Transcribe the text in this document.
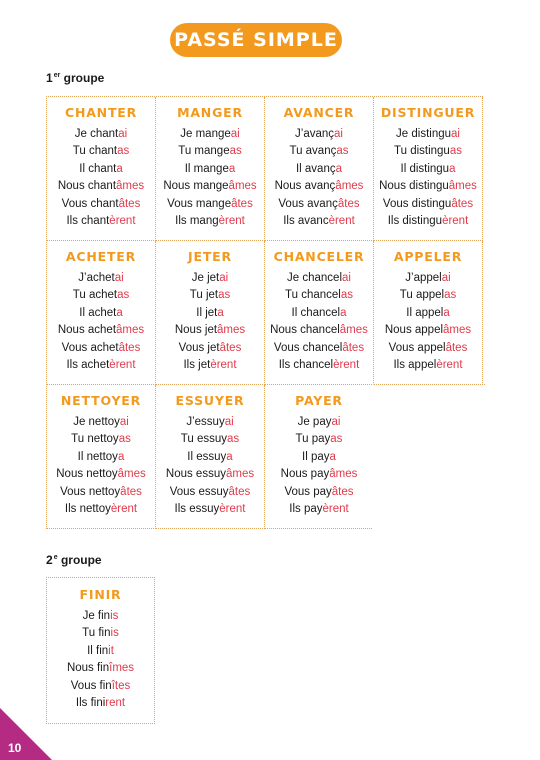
PASSÉ SIMPLE
1er groupe
CHANTER
Je chantai
Tu chantas
Il chanta
Nous chantâmes
Vous chantâtes
Ils chantèrent
MANGER
Je mangeai
Tu mangeas
Il mangea
Nous mangeâmes
Vous mangeâtes
Ils mangèrent
AVANCER
J’avançai
Tu avanças
Il avança
Nous avançâmes
Vous avançâtes
Ils avancèrent
DISTINGUER
Je distinguai
Tu distinguas
Il distingua
Nous distinguâmes
Vous distinguâtes
Ils distinguèrent
ACHETER
J’achetai
Tu achetas
Il acheta
Nous achetâmes
Vous achetâtes
Ils achetèrent
JETER
Je jetai
Tu jetas
Il jeta
Nous jetâmes
Vous jetâtes
Ils jetèrent
CHANCELER
Je chancelai
Tu chancelas
Il chancela
Nous chancelâmes
Vous chancelâtes
Ils chancelèrent
APPELER
J’appelai
Tu appelas
Il appela
Nous appelâmes
Vous appelâtes
Ils appelèrent
NETTOYER
Je nettoyai
Tu nettoyas
Il nettoya
Nous nettoyâmes
Vous nettoyâtes
Ils nettoyèrent
ESSUYER
J’essuyai
Tu essuyas
Il essuya
Nous essuyâmes
Vous essuyâtes
Ils essuyèrent
PAYER
Je payai
Tu payas
Il paya
Nous payâmes
Vous payâtes
Ils payèrent
2e groupe
FINIR
Je finis
Tu finis
Il finit
Nous finîmes
Vous finîtes
Ils finirent
10
